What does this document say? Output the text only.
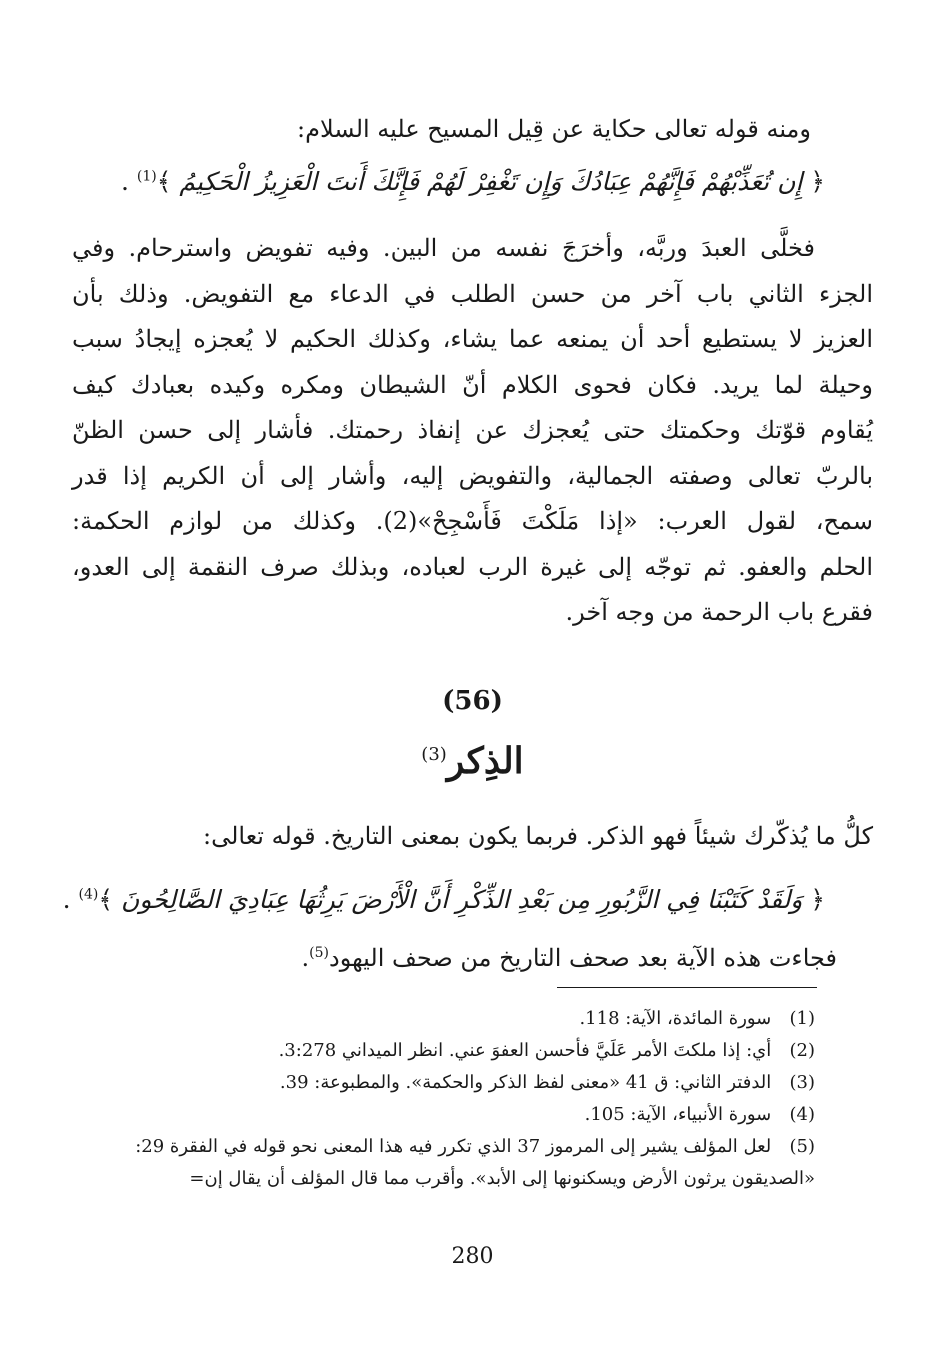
ومنه قوله تعالى حكاية عن قِيل المسيح عليه السلام:
﴿ إِن تُعَذِّبْهُمْ فَإِنَّهُمْ عِبَادُكَ وَإِن تَغْفِرْ لَهُمْ فَإِنَّكَ أَنتَ الْعَزِيزُ الْحَكِيمُ ﴾$^{(1)}$ .
فخلَّى العبدَ وربَّه، وأخرَجَ نفسه من البين. وفيه تفويض واسترحام. وفي
الجزء الثاني باب آخر من حسن الطلب في الدعاء مع التفويض. وذلك بأن
العزيز لا يستطيع أحد أن يمنعه عما يشاء، وكذلك الحكيم لا يُعجزه إيجادُ سبب
وحيلة لما يريد. فكان فحوى الكلام أنّ الشيطان ومكره وكيده بعبادك كيف
يُقاوم قوّتك وحكمتك حتى يُعجزك عن إنفاذ رحمتك. فأشار إلى حسن الظنّ
بالربّ تعالى وصفته الجمالية، والتفويض إليه، وأشار إلى أن الكريم إذا قدر
سمح، لقول العرب: «إذا مَلَكْتَ فَأَسْجِحْ»(2). وكذلك من لوازم الحكمة:
الحلم والعفو. ثم توجّه إلى غيرة الرب لعباده، وبذلك صرف النقمة إلى العدو،
فقرع باب الرحمة من وجه آخر.
(56)
الذِكر$^{(3)}$
كلُّ ما يُذكّرك شيئاً فهو الذكر. فربما يكون بمعنى التاريخ. قوله تعالى:
﴿ وَلَقَدْ كَتَبْنَا فِي الزَّبُورِ مِن بَعْدِ الذِّكْرِ أَنَّ الْأَرْضَ يَرِثُهَا عِبَادِيَ الصَّالِحُونَ ﴾$^{(4)}$ .
فجاءت هذه الآية بعد صحف التاريخ من صحف اليهود$^{(5)}$.
(1) سورة المائدة، الآية: 118.
(2) أي: إذا ملكتَ الأمر عَلَيَّ فأحسن العفوَ عني. انظر الميداني 3:278.
(3) الدفتر الثاني: ق 41 «معنى لفظ الذكر والحكمة». والمطبوعة: 39.
(4) سورة الأنبياء، الآية: 105.
(5) لعل المؤلف يشير إلى المرموز 37 الذي تكرر فيه هذا المعنى نحو قوله في الفقرة 29:
«الصديقون يرثون الأرض ويسكنونها إلى الأبد». وأقرب مما قال المؤلف أن يقال إن=
280
